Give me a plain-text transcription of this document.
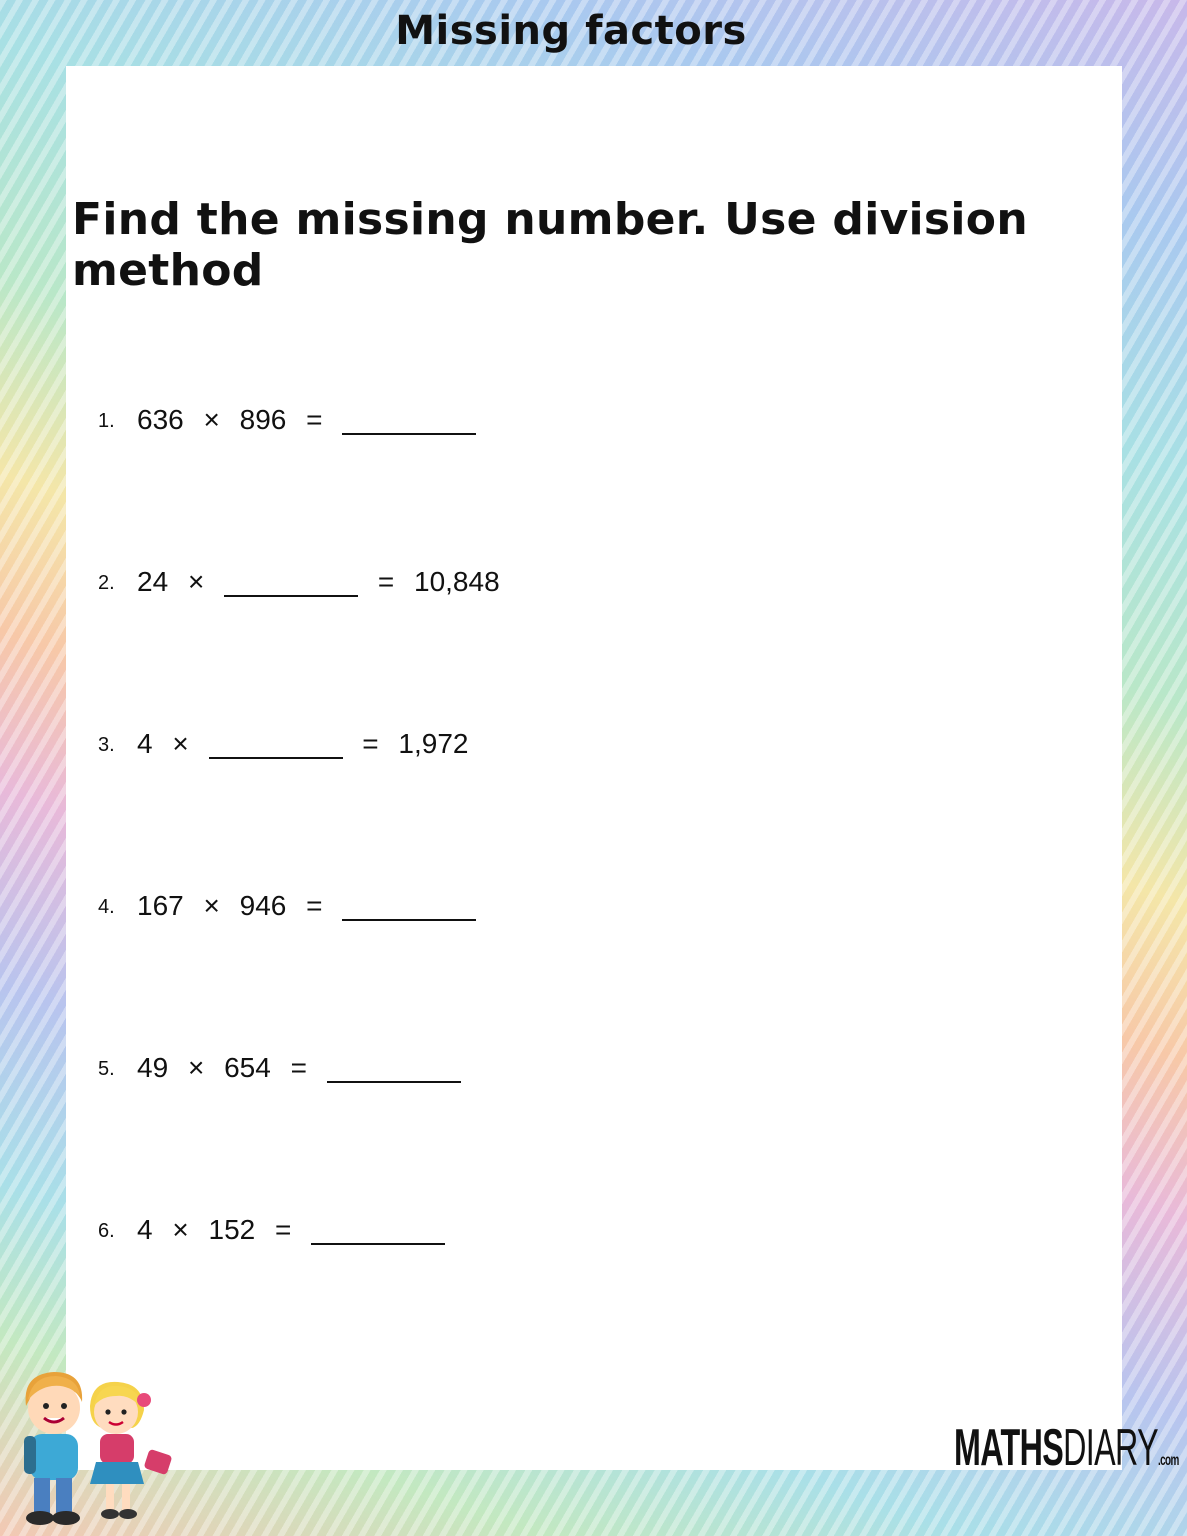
Missing factors
Find the missing number. Use division method
1. 636 × 896 =
2. 24 ×	= 10,848
3. 4 ×	= 1,972
4. 167 × 946 =
5. 49 × 654 =
6. 4 × 152 =
MATHSDIARY.com
